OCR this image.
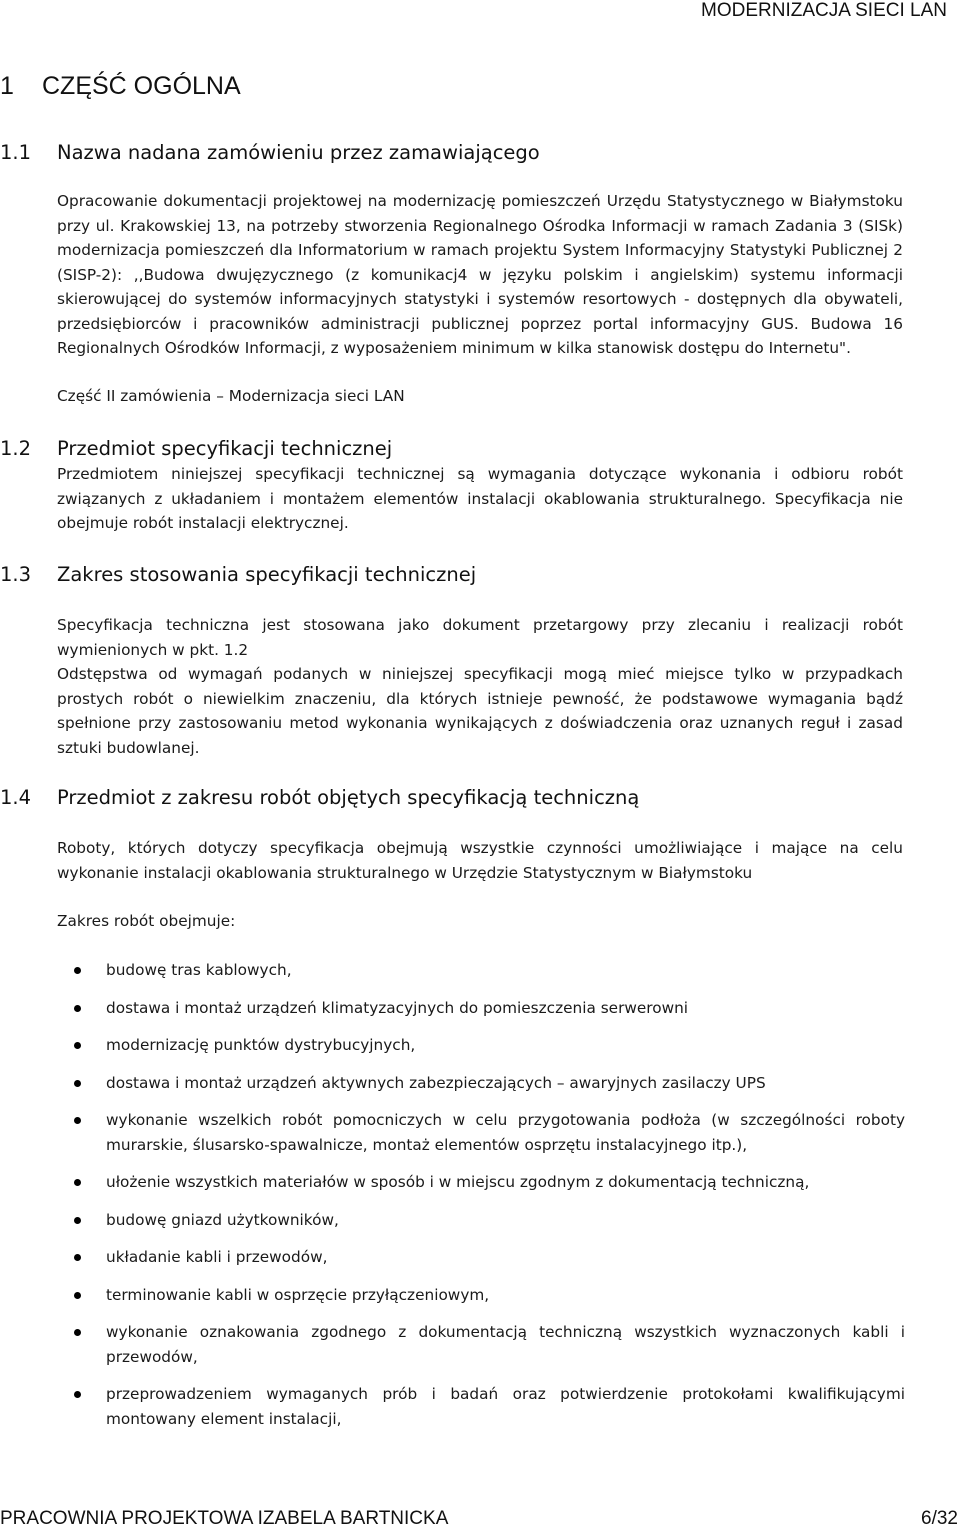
MODERNIZACJA SIECI LAN
1 CZĘŚĆ OGÓLNA
1.1 Nazwa nadana zamówieniu przez zamawiającego
Opracowanie dokumentacji projektowej na modernizację pomieszczeń Urzędu Statystycznego w Białymstoku przy ul. Krakowskiej 13, na potrzeby stworzenia Regionalnego Ośrodka Informacji w ramach Zadania 3 (SISk) modernizacja pomieszczeń dla Informatorium w ramach projektu System Informacyjny Statystyki Publicznej 2 (SISP-2): ,,Budowa dwujęzycznego (z komunikacj4 w języku polskim i angielskim) systemu informacji skierowującej do systemów informacyjnych statystyki i systemów resortowych - dostępnych dla obywateli, przedsiębiorców i pracowników administracji publicznej poprzez portal informacyjny GUS. Budowa 16 Regionalnych Ośrodków Informacji, z wyposażeniem minimum w kilka stanowisk dostępu do Internetu".
Część II zamówienia – Modernizacja sieci LAN
1.2 Przedmiot specyfikacji technicznej
Przedmiotem niniejszej specyfikacji technicznej są wymagania dotyczące wykonania i odbioru robót związanych z układaniem i montażem elementów instalacji okablowania strukturalnego. Specyfikacja nie obejmuje robót instalacji elektrycznej.
1.3 Zakres stosowania specyfikacji technicznej
Specyfikacja techniczna jest stosowana jako dokument przetargowy przy zlecaniu i realizacji robót wymienionych w pkt. 1.2
Odstępstwa od wymagań podanych w niniejszej specyfikacji mogą mieć miejsce tylko w przypadkach prostych robót o niewielkim znaczeniu, dla których istnieje pewność, że podstawowe wymagania bądź spełnione przy zastosowaniu metod wykonania wynikających z doświadczenia oraz uznanych reguł i zasad sztuki budowlanej.
1.4 Przedmiot z zakresu robót objętych specyfikacją techniczną
Roboty, których dotyczy specyfikacja obejmują wszystkie czynności umożliwiające i mające na celu wykonanie instalacji okablowania strukturalnego w Urzędzie Statystycznym w Białymstoku
Zakres robót obejmuje:
budowę tras kablowych,
dostawa i montaż urządzeń klimatyzacyjnych do pomieszczenia serwerowni
modernizację punktów dystrybucyjnych,
dostawa i montaż urządzeń aktywnych zabezpieczających – awaryjnych zasilaczy UPS
wykonanie wszelkich robót pomocniczych w celu przygotowania podłoża (w szczególności roboty murarskie, ślusarsko-spawalnicze, montaż elementów osprzętu instalacyjnego itp.),
ułożenie wszystkich materiałów w sposób i w miejscu zgodnym z dokumentacją techniczną,
budowę gniazd użytkowników,
układanie kabli i przewodów,
terminowanie kabli w osprzęcie przyłączeniowym,
wykonanie oznakowania zgodnego z dokumentacją techniczną wszystkich wyznaczonych kabli i przewodów,
przeprowadzeniem wymaganych prób i badań oraz potwierdzenie protokołami kwalifikującymi montowany element instalacji,
PRACOWNIA PROJEKTOWA IZABELA BARTNICKA	6/32
